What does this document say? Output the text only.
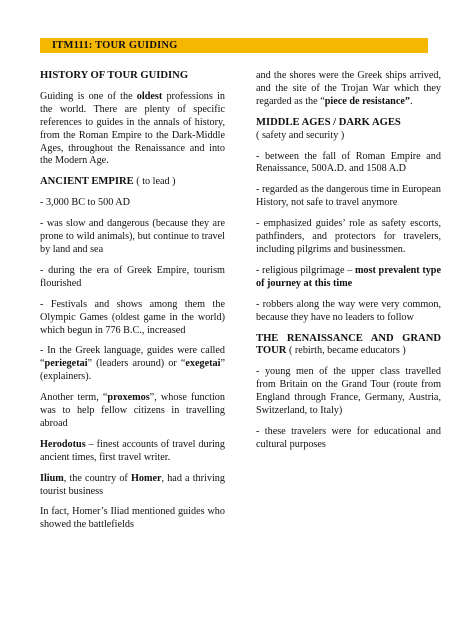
ITM111: TOUR GUIDING

HISTORY OF TOUR GUIDING

Guiding is one of the oldest professions in the world. There are plenty of specific references to guides in the annals of history, from the Roman Empire to the Dark-Middle Ages, throughout the Renaissance and into the Modern Age.

ANCIENT EMPIRE ( to lead )

- 3,000 BC to 500 AD

- was slow and dangerous (because they are prone to wild animals), but continue to travel by land and sea

- during the era of Greek Empire, tourism flourished

- Festivals and shows among them the Olympic Games (oldest game in the world) which begun in 776 B.C., increased

- In the Greek language, guides were called “periegetai” (leaders around) or “exegetai” (explainers).

Another term, “proxemos”, whose function was to help fellow citizens in travelling abroad

Herodotus – finest accounts of travel during ancient times, first travel writer.

Ilium, the country of Homer, had a thriving tourist business

In fact, Homer’s Iliad mentioned guides who showed the battlefields

and the shores were the Greek ships arrived, and the site of the Trojan War which they regarded as the “piece de resistance”.

MIDDLE AGES / DARK AGES
( safety and security )

- between the fall of Roman Empire and Renaissance, 500A.D. and 1508 A.D

- regarded as the dangerous time in European History, not safe to travel anymore

- emphasized guides’ role as safety escorts, pathfinders, and protectors for travelers, including pilgrims and businessmen.

- religious pilgrimage – most prevalent type of journey at this time

- robbers along the way were very common, because they have no leaders to follow

THE RENAISSANCE AND GRAND TOUR ( rebirth, became educators )

- young men of the upper class travelled from Britain on the Grand Tour (route from England through France, Germany, Austria, Switzerland, to Italy)

- these travelers were for educational and cultural purposes
